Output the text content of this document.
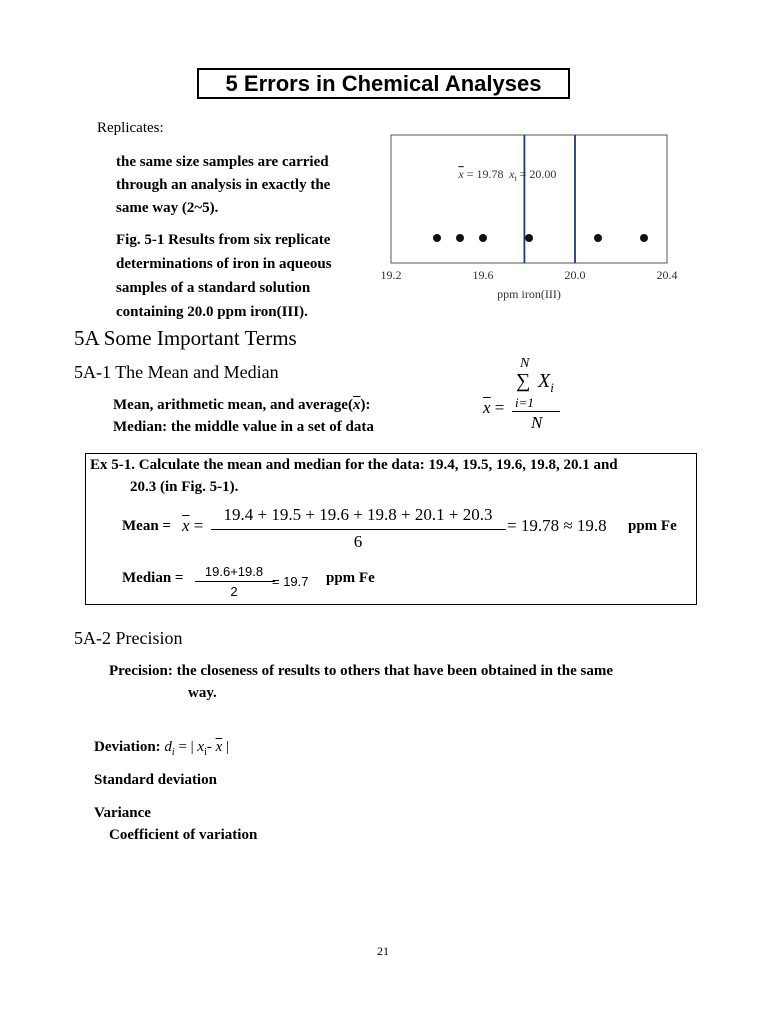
5 Errors in Chemical Analyses
Replicates:
the same size samples are carried
through an analysis in exactly the
same way (2~5).
Fig. 5-1 Results from six replicate
determinations of iron in aqueous
samples of a standard solution
containing 20.0 ppm iron(III).
x = 19.78 $x_t = 20.00$
19.2	19.6	20.0	20.4
ppm iron(III)
5A Some Important Terms
5A-1 The Mean and Median
Mean, arithmetic mean, and $average(\overline{x})$:
Median: the middle value in a set of data
N
∑ $X_i$
$\overline{x} = i=1$
N
Ex 5-1. Calculate the mean and median for the data: 19.4, 19.5, 19.6, 19.8, 20.1 and
20.3 (in Fig. 5-1).
Mean = $\overline{x}$ =
19.4 + 19.5 + 19.6 + 19.8 + 20.1 + 20.3
6
= 19.78 ≈ 19.8 ppm Fe
Median =	19.6+19.8
2
= 19.7 ppm Fe
5A-2 Precision
Precision: the closeness of results to others that have been obtained in the same
way.
Deviation: $d_i$ = | $x_i-$ $\overline{x}$ |
Standard deviation
Variance
Coefficient of variation
21
